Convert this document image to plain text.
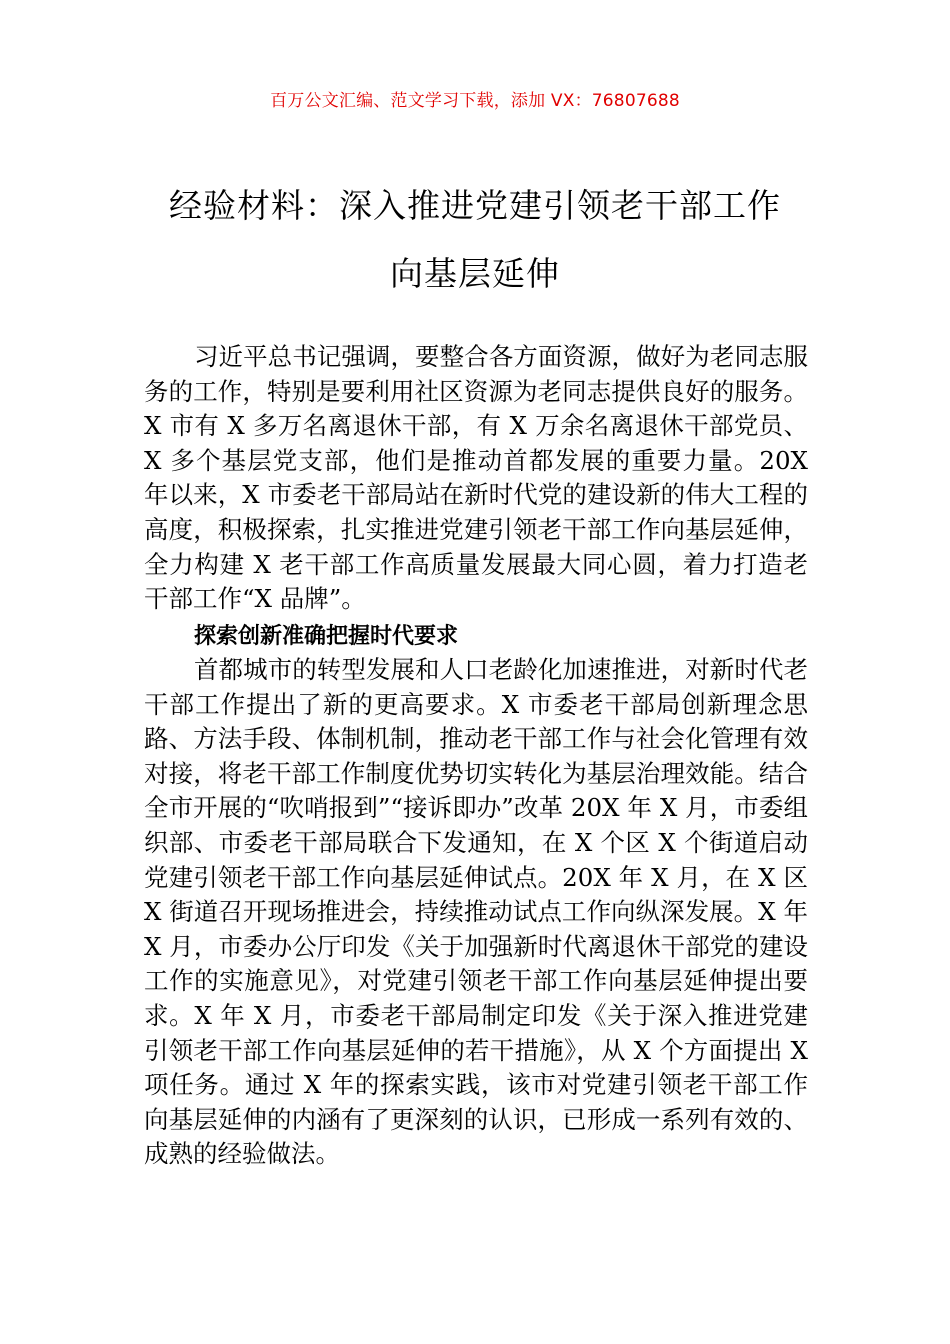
百万公文汇编、范文学习下载，添加 VX：76807688
经验材料：深入推进党建引领老干部工作
向基层延伸
习近平总书记强调，要整合各方面资源，做好为老同志服务的工作，特别是要利用社区资源为老同志提供良好的服务。X 市有 X 多万名离退休干部，有 X 万余名离退休干部党员、X 多个基层党支部，他们是推动首都发展的重要力量。20X 年以来，X 市委老干部局站在新时代党的建设新的伟大工程的高度，积极探索，扎实推进党建引领老干部工作向基层延伸，全力构建 X 老干部工作高质量发展最大同心圆，着力打造老干部工作“X 品牌”。
探索创新准确把握时代要求
首都城市的转型发展和人口老龄化加速推进，对新时代老干部工作提出了新的更高要求。X 市委老干部局创新理念思路、方法手段、体制机制，推动老干部工作与社会化管理有效对接，将老干部工作制度优势切实转化为基层治理效能。结合全市开展的“吹哨报到”“接诉即办”改革 20X 年 X 月，市委组织部、市委老干部局联合下发通知，在 X 个区 X 个街道启动党建引领老干部工作向基层延伸试点。20X 年 X 月，在 X 区 X 街道召开现场推进会，持续推动试点工作向纵深发展。X 年 X 月，市委办公厅印发《关于加强新时代离退休干部党的建设工作的实施意见》，对党建引领老干部工作向基层延伸提出要求。X 年 X 月，市委老干部局制定印发《关于深入推进党建引领老干部工作向基层延伸的若干措施》，从 X 个方面提出 X 项任务。通过 X 年的探索实践，该市对党建引领老干部工作向基层延伸的内涵有了更深刻的认识，已形成一系列有效的、成熟的经验做法。
